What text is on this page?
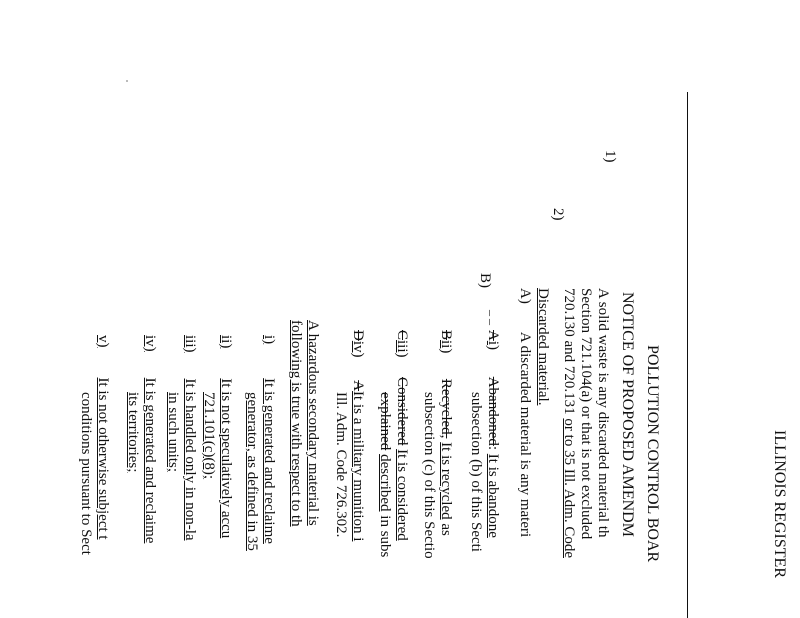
ILLINOIS REGISTER
POLLUTION CONTROL BOAR
NOTICE OF PROPOSED AMENDM
1)
A solid waste is any discarded material th
Section 721.104(a) or that is not excluded
720.130 and 720.131 or to 35 Ill. Adm. Code
2)
Discarded material.
A)A discarded material is any materi
B)
– –
Ai)  Abandoned: It is abandone
subsection (b) of this Secti
Bii)  Recycled, It is recycled as
subsection (c) of this Sectio
Ciii)  Considered It is considered
explained described in subs
Div)  AIt is a military munition i
Ill. Adm. Code 726.302.
A hazardous secondary material is
following is true with respect to th
i)It is generated and reclaime
generator, as defined in 35
ii)It is not speculatively accu
721.101(c)(8);
iii)It is handled only in non-la
in such units;
iv)It is generated and reclaime
its territories;
v)It is not otherwise subject t
conditions pursuant to Sect
